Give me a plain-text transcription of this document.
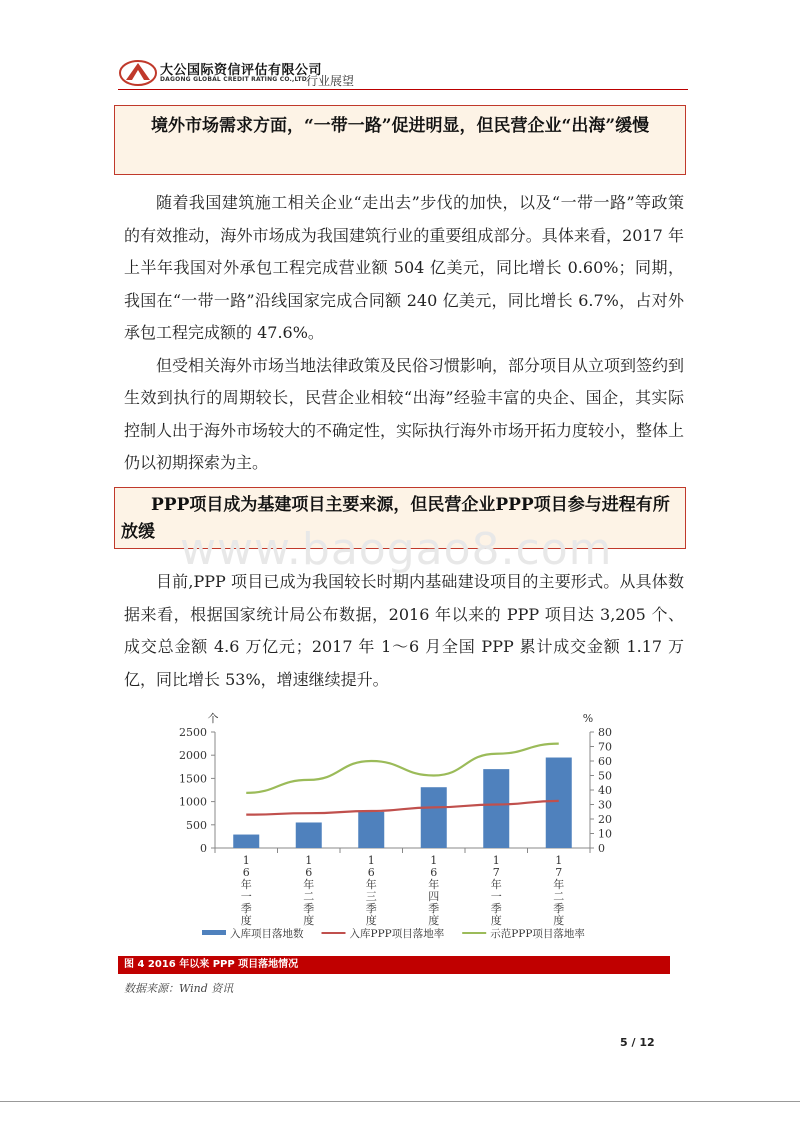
大公国际资信评估有限公司
DAGONG GLOBAL CREDIT RATING CO.,LTD 行业展望
境外市场需求方面，“一带一路”促进明显，但民营企业“出海”缓慢

随着我国建筑施工相关企业“走出去”步伐的加快，以及“一带一路”等政策的有效推动，海外市场成为我国建筑行业的重要组成部分。具体来看，2017 年上半年我国对外承包工程完成营业额 504 亿美元，同比增长 0.60%；同期，我国在“一带一路”沿线国家完成合同额 240 亿美元，同比增长 6.7%，占对外承包工程完成额的 47.6%。

但受相关海外市场当地法律政策及民俗习惯影响，部分项目从立项到签约到生效到执行的周期较长，民营企业相较“出海”经验丰富的央企、国企，其实际控制人出于海外市场较大的不确定性，实际执行海外市场开拓力度较小，整体上仍以初期探索为主。

PPP项目成为基建项目主要来源，但民营企业PPP项目参与进程有所放缓 www.baogao8.com

目前,PPP 项目已成为我国较长时期内基础建设项目的主要形式。从具体数据来看，根据国家统计局公布数据，2016 年以来的 PPP 项目达 3,205 个、成交总金额 4.6 万亿元；2017 年 1～6 月全国 PPP 累计成交金额 1.17 万亿，同比增长 53%，增速继续提升。

个	%
0
500
1000
1500
2000
2500
0
10
20
30
40
50
60
70
80
1 6 年一季度
1 6 年二季度
1 6 年三季度
1 6 年四季度
1 7 年一季度
1 7 年二季度
入库项目落地数	入库PPP项目落地率	示范PPP项目落地率
图 4 2016 年以来 PPP 项目落地情况
数据来源：Wind 资讯
5 / 12
